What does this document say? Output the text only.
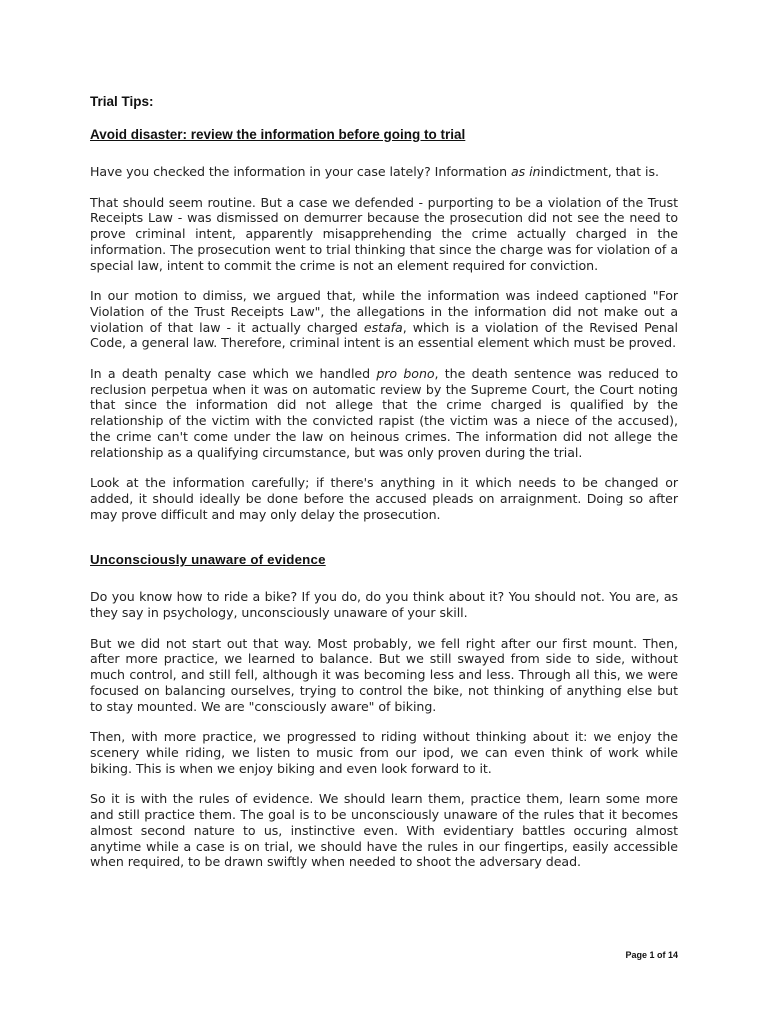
Trial Tips:

Avoid disaster: review the information before going to trial

Have you checked the information in your case lately? Information as inindictment, that is.

That should seem routine. But a case we defended - purporting to be a violation of the Trust Receipts Law - was dismissed on demurrer because the prosecution did not see the need to prove criminal intent, apparently misapprehending the crime actually charged in the information. The prosecution went to trial thinking that since the charge was for violation of a special law, intent to commit the crime is not an element required for conviction.

In our motion to dimiss, we argued that, while the information was indeed captioned "For Violation of the Trust Receipts Law", the allegations in the information did not make out a violation of that law - it actually charged estafa, which is a violation of the Revised Penal Code, a general law. Therefore, criminal intent is an essential element which must be proved.

In a death penalty case which we handled pro bono, the death sentence was reduced to reclusion perpetua when it was on automatic review by the Supreme Court, the Court noting that since the information did not allege that the crime charged is qualified by the relationship of the victim with the convicted rapist (the victim was a niece of the accused), the crime can't come under the law on heinous crimes. The information did not allege the relationship as a qualifying circumstance, but was only proven during the trial.

Look at the information carefully; if there's anything in it which needs to be changed or added, it should ideally be done before the accused pleads on arraignment. Doing so after may prove difficult and may only delay the prosecution.

Unconsciously unaware of evidence

Do you know how to ride a bike? If you do, do you think about it? You should not. You are, as they say in psychology, unconsciously unaware of your skill.

But we did not start out that way. Most probably, we fell right after our first mount. Then, after more practice, we learned to balance. But we still swayed from side to side, without much control, and still fell, although it was becoming less and less. Through all this, we were focused on balancing ourselves, trying to control the bike, not thinking of anything else but to stay mounted. We are "consciously aware" of biking.

Then, with more practice, we progressed to riding without thinking about it: we enjoy the scenery while riding, we listen to music from our ipod, we can even think of work while biking. This is when we enjoy biking and even look forward to it.

So it is with the rules of evidence. We should learn them, practice them, learn some more and still practice them. The goal is to be unconsciously unaware of the rules that it becomes almost second nature to us, instinctive even. With evidentiary battles occuring almost anytime while a case is on trial, we should have the rules in our fingertips, easily accessible when required, to be drawn swiftly when needed to shoot the adversary dead.

Page 1 of 14
